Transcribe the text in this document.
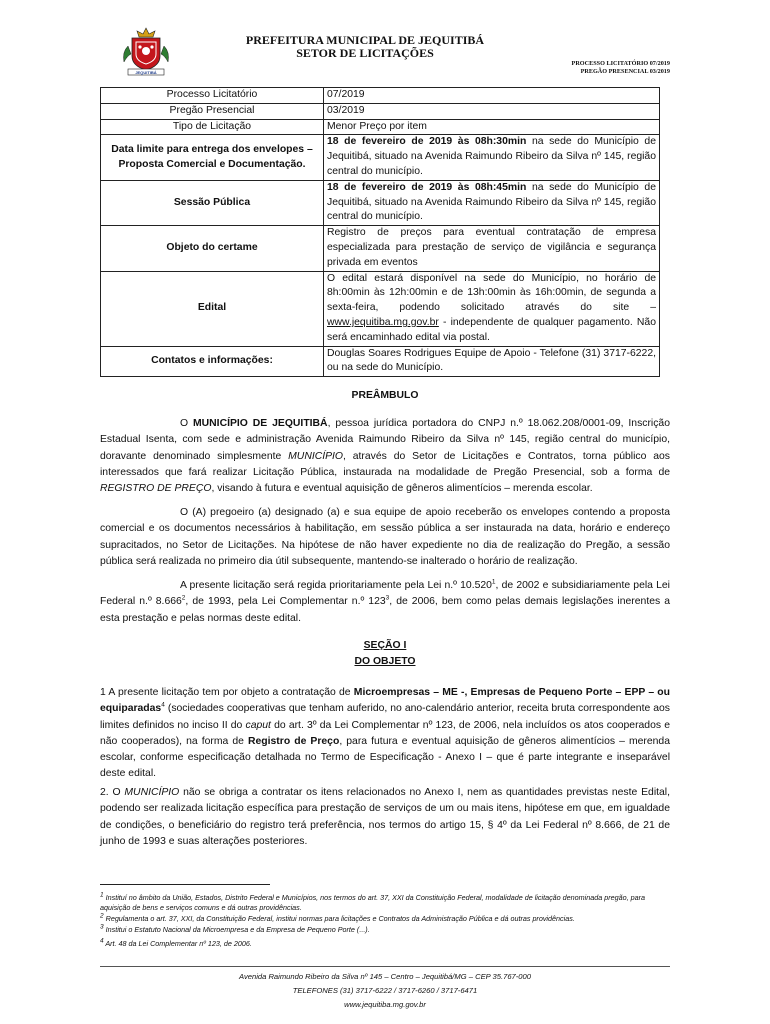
JEQUITIBÁ
PREFEITURA MUNICIPAL DE JEQUITIBÁ
SETOR DE LICITAÇÕES
PROCESSO LICITATÓRIO 07/2019
PREGÃO PRESENCIAL 03/2019
Processo Licitatório	07/2019
Pregão Presencial	03/2019
Tipo de Licitação	Menor Preço por item
Data limite para entrega dos envelopes – Proposta Comercial e Documentação.	18 de fevereiro de 2019 às 08h:30min na sede do Município de Jequitibá, situado na Avenida Raimundo Ribeiro da Silva nº 145, região central do município.
Sessão Pública	18 de fevereiro de 2019 às 08h:45min na sede do Município de Jequitibá, situado na Avenida Raimundo Ribeiro da Silva nº 145, região central do município.
Objeto do certame	Registro de preços para eventual contratação de empresa especializada para prestação de serviço de vigilância e segurança privada em eventos
Edital	O edital estará disponível na sede do Município, no horário de 8h:00min às 12h:00min e de 13h:00min às 16h:00min, de segunda a sexta-feira, podendo solicitado através do site – www.jequitiba.mg.gov.br - independente de qualquer pagamento. Não será encaminhado edital via postal.
Contatos e informações:	Douglas Soares Rodrigues Equipe de Apoio - Telefone (31) 3717-6222, ou na sede do Município.
PREÂMBULO
O MUNICÍPIO DE JEQUITIBÁ, pessoa jurídica portadora do CNPJ n.º 18.062.208/0001-09, Inscrição Estadual Isenta, com sede e administração Avenida Raimundo Ribeiro da Silva nº 145, região central do município, doravante denominado simplesmente MUNICÍPIO, através do Setor de Licitações e Contratos, torna público aos interessados que fará realizar Licitação Pública, instaurada na modalidade de Pregão Presencial, sob a forma de REGISTRO DE PREÇO, visando à futura e eventual aquisição de gêneros alimentícios – merenda escolar.
O (A) pregoeiro (a) designado (a) e sua equipe de apoio receberão os envelopes contendo a proposta comercial e os documentos necessários à habilitação, em sessão pública a ser instaurada na data, horário e endereço supracitados, no Setor de Licitações. Na hipótese de não haver expediente no dia de realização do Pregão, a sessão pública será realizada no primeiro dia útil subsequente, mantendo-se inalterado o horário de realização.
A presente licitação será regida prioritariamente pela Lei n.º 10.520$^1$, de 2002 e subsidiariamente pela Lei Federal n.º 8.666$^2$, de 1993, pela Lei Complementar n.º $123^3$, de 2006, bem como pelas demais legislações inerentes a esta prestação e pelas normas deste edital.
SEÇÃO I
DO OBJETO
1 A presente licitação tem por objeto a contratação de Microempresas – ME -, Empresas de Pequeno Porte – EPP – ou equiparadas$^4$ (sociedades cooperativas que tenham auferido, no ano-calendário anterior, receita bruta correspondente aos limites definidos no inciso II do caput do art. 3º da Lei Complementar nº 123, de 2006, nela incluídos os atos cooperados e não cooperados), na forma de Registro de Preço, para futura e eventual aquisição de gêneros alimentícios – merenda escolar, conforme especificação detalhada no Termo de Especificação - Anexo I – que é parte integrante e inseparável deste edital.
2. O MUNICÍPIO não se obriga a contratar os itens relacionados no Anexo I, nem as quantidades previstas neste Edital, podendo ser realizada licitação específica para prestação de serviços de um ou mais itens, hipótese em que, em igualdade de condições, o beneficiário do registro terá preferência, nos termos do artigo 15, § 4º da Lei Federal nº 8.666, de 21 de junho de 1993 e suas alterações posteriores.
$^1$ Instituí no âmbito da União, Estados, Distrito Federal e Municípios, nos termos do art. 37, XXI da Constituição Federal, modalidade de licitação denominada pregão, para aquisição de bens e serviços comuns e dá outras providências.
$^2$ Regulamenta o art. 37, XXI, da Constituição Federal, institui normas para licitações e Contratos da Administração Pública e dá outras providências.
$^3$ Institui o Estatuto Nacional da Microempresa e da Empresa de Pequeno Porte (...).
$^4$ Art. 48 da Lei Complementar nº 123, de 2006.
Avenida Raimundo Ribeiro da Silva nº 145 – Centro – Jequitibá/MG – CEP 35.767-000
TELEFONES (31) 3717-6222 / 3717-6260 / 3717-6471
www.jequitiba.mg.gov.br
